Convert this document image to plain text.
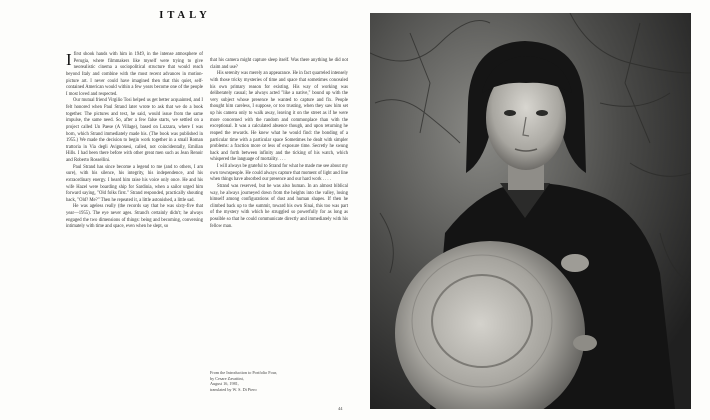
ITALY

Ifirst shook hands with him in 1949, in the intense atmosphere of Perugia, where filmmakers like myself were trying to give neorealistic cinema a sociopolitical structure that would reach beyond Italy and combine with the most recent advances in motion-picture art. I never could have imagined then that this quiet, self-contained American would within a few years become one of the people I most loved and respected.

Our mutual friend Virgilio Tosi helped us get better acquainted, and I felt honored when Paul Strand later wrote to ask that we do a book together. The pictures and text, he said, would issue from the same impulse, the same need. So, after a few false starts, we settled on a project called Un Paese (A Village), based on Luzzara, where I was born, which Strand immediately made his. (The book was published in 1955.) We made the decision to begin work together in a small Roman trattoria in Via degli Avignonesi, called, not coincidentally, Emilian Hills. I had been there before with other great men such as Jean Renoir and Roberto Rossellini.

Paul Strand has since become a legend to me (and to others, I am sure), with his silence, his integrity, his independence, and his extraordinary energy. I heard him raise his voice only once. He and his wife Hazel were boarding ship for Sardinia, when a sailor urged him forward saying, "Old folks first." Strand responded, practically shouting back, "Old? Me?" Then he repeated it, a little astonished, a little sad.

He was ageless really (the records say that he was sixty-five that year—1955). The eye never ages. Strand's certainly didn't; he always engaged the two dimensions of things: being and becoming, conversing intimately with time and space, even when he slept, so

that his camera might capture sleep itself. Was there anything he did not claim and use?

His serenity was merely an appearance. He in fact quarreled intensely with those tricky mysteries of time and space that sometimes concealed his own primary reason for existing. His way of working was deliberately casual; he always acted "like a native," bound up with the very subject whose presence he wanted to capture and fix. People thought him careless, I suppose, or too trusting, when they saw him set up his camera only to walk away, leaving it on the street as if he were more concerned with the random and commonplace than with the exceptional. It was a calculated absence though, and upon returning he reaped the rewards. He knew what he would find: the bonding of a particular time with a particular space Sometimes he dealt with simpler problems: a fraction more or less of exposure time. Secretly he swung back and forth between infinity and the ticking of his watch, which whispered the language of mortality. . . .

I will always be grateful to Strand for what he made me see about my own townspeople. He could always capture that moment of light and line when things have absorbed our presence and our hard work . . . .

Strand was reserved, but he was also human. In an almost biblical way, he always journeyed down from the heights into the valley, losing himself among configurations of dust and human shapes. If then he climbed back up to the summit, toward his own Sinai, this too was part of the mystery with which he struggled so powerfully for as long as possible so that he could communicate directly and immediately with his fellow man.

From the Introduction to Portfolio Four,
by Cesare Zavattini,
August 16, 1981,
translated by W. S. Di Piero
44
